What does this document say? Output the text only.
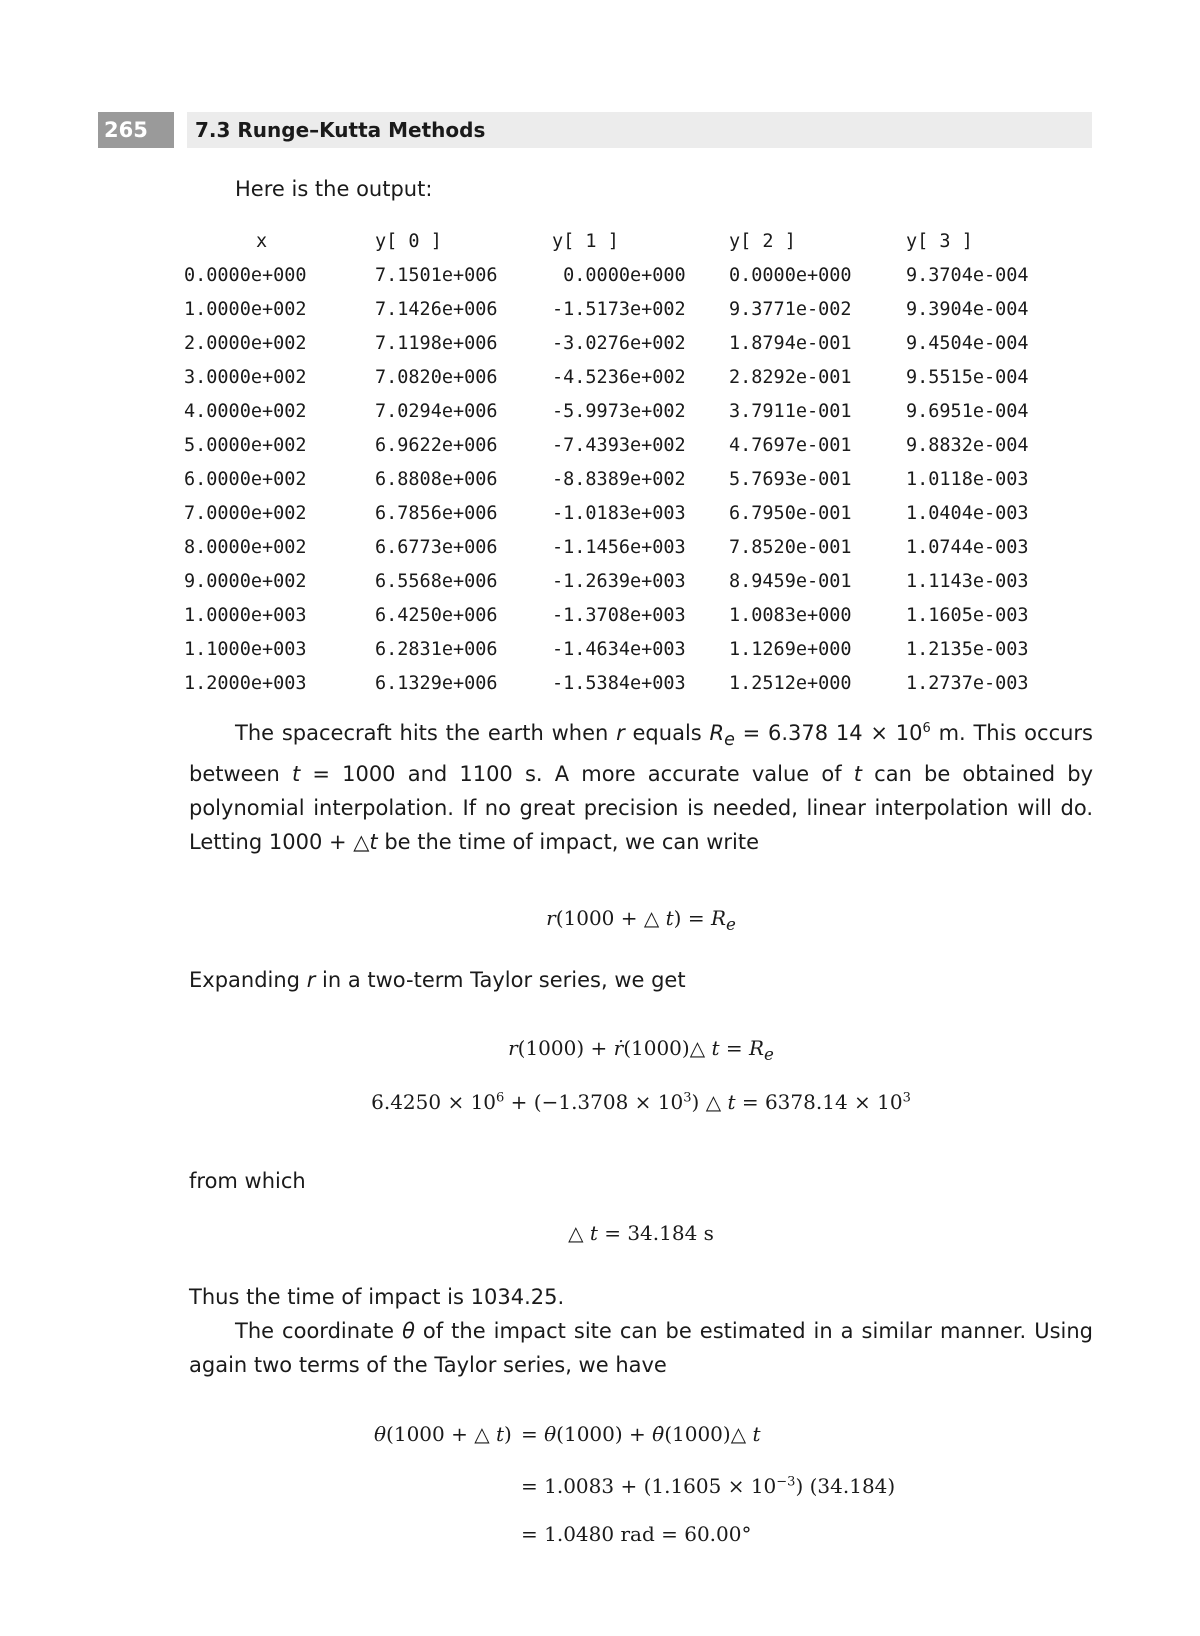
265	7.3 Runge–Kutta Methods
Here is the output:
x	y[ 0 ]	y[ 1 ]	y[ 2 ]	y[ 3 ]
0.0000e+000	7.1501e+006	0.0000e+000	0.0000e+000	9.3704e-004
1.0000e+002	7.1426e+006	-1.5173e+002	9.3771e-002	9.3904e-004
2.0000e+002	7.1198e+006	-3.0276e+002	1.8794e-001	9.4504e-004
3.0000e+002	7.0820e+006	-4.5236e+002	2.8292e-001	9.5515e-004
4.0000e+002	7.0294e+006	-5.9973e+002	3.7911e-001	9.6951e-004
5.0000e+002	6.9622e+006	-7.4393e+002	4.7697e-001	9.8832e-004
6.0000e+002	6.8808e+006	-8.8389e+002	5.7693e-001	1.0118e-003
7.0000e+002	6.7856e+006	-1.0183e+003	6.7950e-001	1.0404e-003
8.0000e+002	6.6773e+006	-1.1456e+003	7.8520e-001	1.0744e-003
9.0000e+002	6.5568e+006	-1.2639e+003	8.9459e-001	1.1143e-003
1.0000e+003	6.4250e+006	-1.3708e+003	1.0083e+000	1.1605e-003
1.1000e+003	6.2831e+006	-1.4634e+003	1.1269e+000	1.2135e-003
1.2000e+003	6.1329e+006	-1.5384e+003	1.2512e+000	1.2737e-003
The spacecraft hits the earth when r equals $R_e = 6.378$ $14 \times 10^6$ m. This occurs between t = 1000 and 1100 s. A more accurate value of t can be obtained by polynomial interpolation. If no great precision is needed, linear interpolation will do. Letting 1000 + △t be the time of impact, we can write
r(1000 + △ $t) = R_e$
Expanding r in a two-term Taylor series, we get
r(1000) + ṙ(1000)△ $t = R_e$
$6.4250 \times 10^6 + (-1.3708 \times 10^3)$ △ $t = 6378.14 \times 10^3$
from which
△ t = 34.184 s
Thus the time of impact is 1034.25.
The coordinate θ of the impact site can be estimated in a similar manner. Using again two terms of the Taylor series, we have
θ(1000 + △ t) = θ(1000) + θ̇(1000)△ t
= $1.0083 + (1.1605 \times 10^{-3})$ (34.184)
= 1.0480 rad = 60.00°
